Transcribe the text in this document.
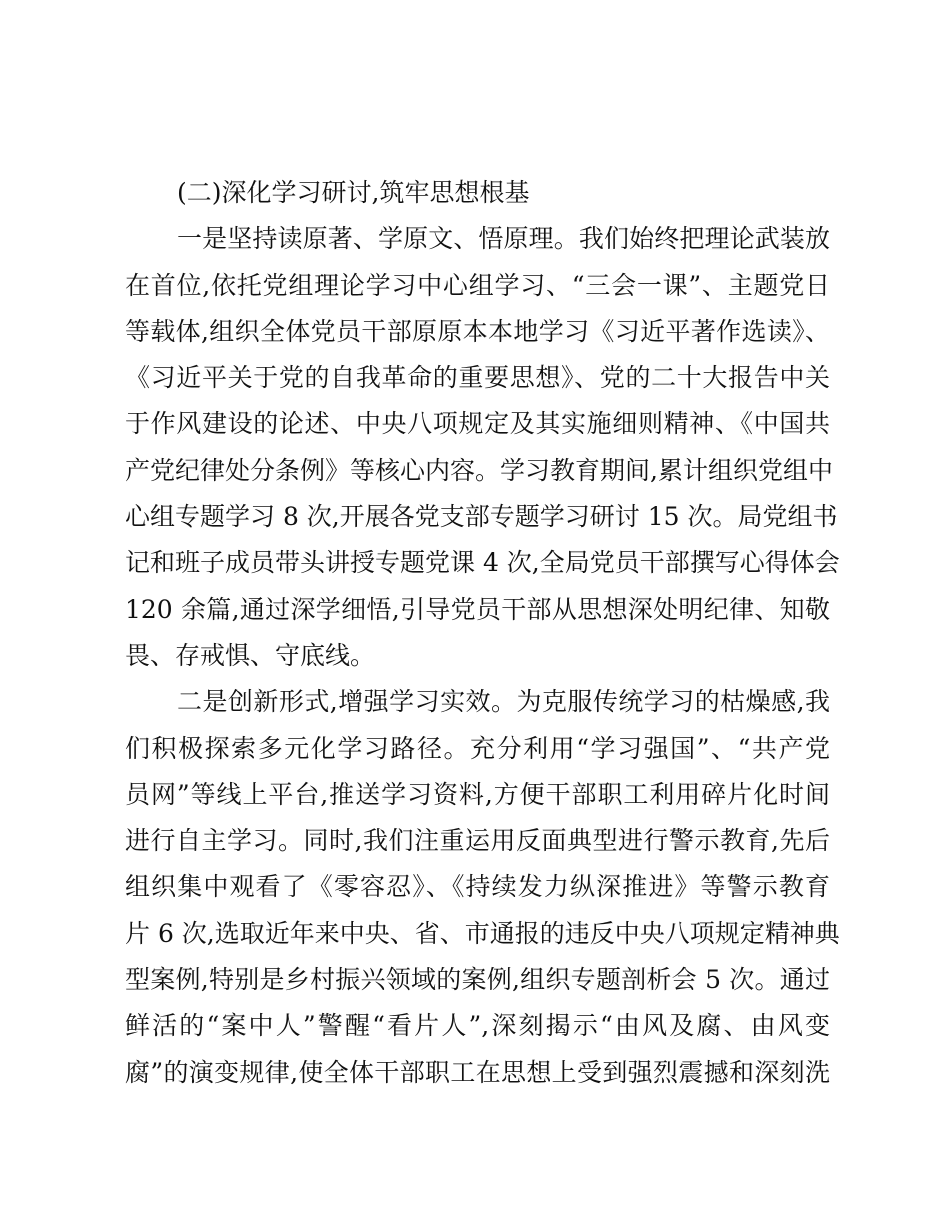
(二)深化学习研讨,筑牢思想根基

一是坚持读原著、学原文、悟原理。我们始终把理论武装放
在首位,依托党组理论学习中心组学习、“三会一课”、主题党日
等载体,组织全体党员干部原原本本地学习《习近平著作选读》、
《习近平关于党的自我革命的重要思想》、党的二十大报告中关
于作风建设的论述、中央八项规定及其实施细则精神、《中国共
产党纪律处分条例》等核心内容。学习教育期间,累计组织党组中
心组专题学习 8 次,开展各党支部专题学习研讨 15 次。局党组书
记和班子成员带头讲授专题党课 4 次,全局党员干部撰写心得体会
120 余篇,通过深学细悟,引导党员干部从思想深处明纪律、知敬
畏、存戒惧、守底线。

二是创新形式,增强学习实效。为克服传统学习的枯燥感,我
们积极探索多元化学习路径。充分利用“学习强国”、“共产党
员网”等线上平台,推送学习资料,方便干部职工利用碎片化时间
进行自主学习。同时,我们注重运用反面典型进行警示教育,先后
组织集中观看了《零容忍》、《持续发力纵深推进》等警示教育
片 6 次,选取近年来中央、省、市通报的违反中央八项规定精神典
型案例,特别是乡村振兴领域的案例,组织专题剖析会 5 次。通过
鲜活的“案中人”警醒“看片人”,深刻揭示“由风及腐、由风变
腐”的演变规律,使全体干部职工在思想上受到强烈震撼和深刻洗
